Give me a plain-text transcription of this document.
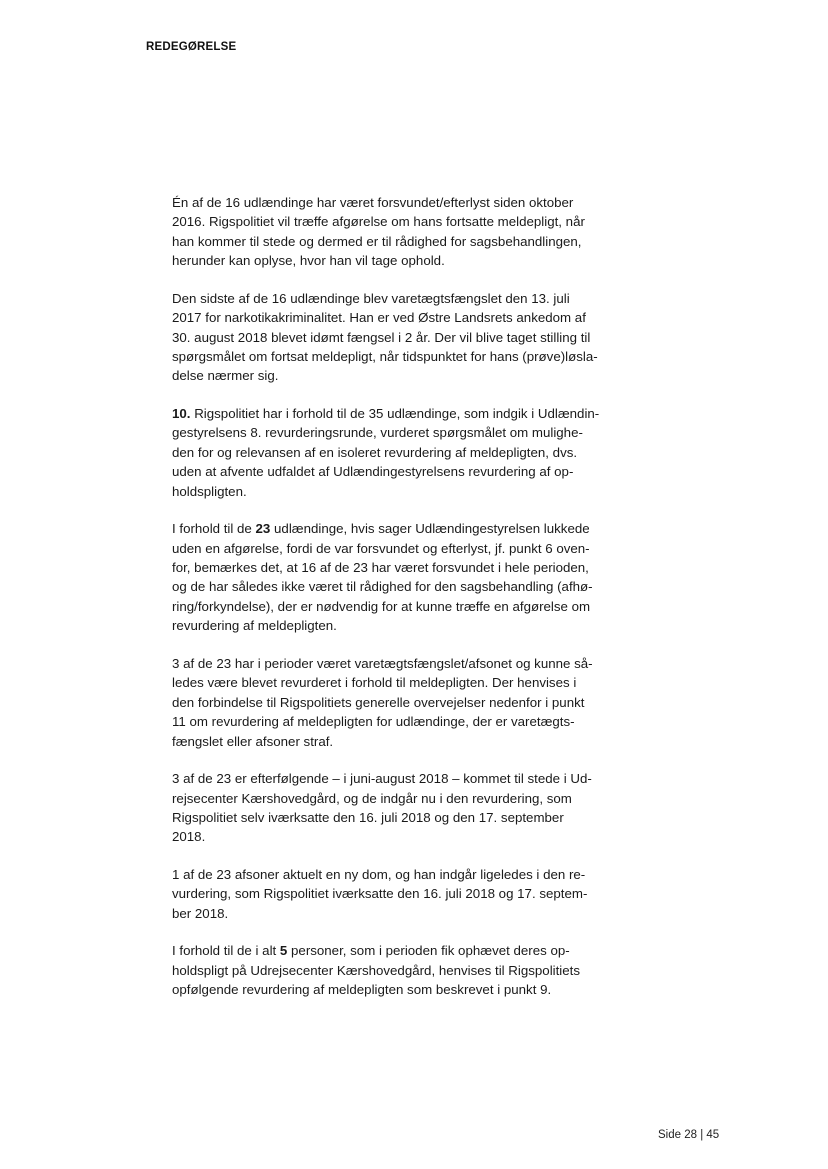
REDEGØRELSE

Én af de 16 udlændinge har været forsvundet/efterlyst siden oktober
2016. Rigspolitiet vil træffe afgørelse om hans fortsatte meldepligt, når
han kommer til stede og dermed er til rådighed for sagsbehandlingen,
herunder kan oplyse, hvor han vil tage ophold.

Den sidste af de 16 udlændinge blev varetægtsfængslet den 13. juli
2017 for narkotikakriminalitet. Han er ved Østre Landsrets ankedom af
30. august 2018 blevet idømt fængsel i 2 år. Der vil blive taget stilling til
spørgsmålet om fortsat meldepligt, når tidspunktet for hans (prøve)løsla-
delse nærmer sig.

10. Rigspolitiet har i forhold til de 35 udlændinge, som indgik i Udlændin-
gestyrelsens 8. revurderingsrunde, vurderet spørgsmålet om mulighe-
den for og relevansen af en isoleret revurdering af meldepligten, dvs.
uden at afvente udfaldet af Udlændingestyrelsens revurdering af op-
holdspligten.

I forhold til de 23 udlændinge, hvis sager Udlændingestyrelsen lukkede
uden en afgørelse, fordi de var forsvundet og efterlyst, jf. punkt 6 oven-
for, bemærkes det, at 16 af de 23 har været forsvundet i hele perioden,
og de har således ikke været til rådighed for den sagsbehandling (afhø-
ring/forkyndelse), der er nødvendig for at kunne træffe en afgørelse om
revurdering af meldepligten.

3 af de 23 har i perioder været varetægtsfængslet/afsonet og kunne så-
ledes være blevet revurderet i forhold til meldepligten. Der henvises i
den forbindelse til Rigspolitiets generelle overvejelser nedenfor i punkt
11 om revurdering af meldepligten for udlændinge, der er varetægts-
fængslet eller afsoner straf.

3 af de 23 er efterfølgende – i juni-august 2018 – kommet til stede i Ud-
rejsecenter Kærshovedgård, og de indgår nu i den revurdering, som
Rigspolitiet selv iværksatte den 16. juli 2018 og den 17. september
2018.

1 af de 23 afsoner aktuelt en ny dom, og han indgår ligeledes i den re-
vurdering, som Rigspolitiet iværksatte den 16. juli 2018 og 17. septem-
ber 2018.

I forhold til de i alt 5 personer, som i perioden fik ophævet deres op-
holdspligt på Udrejsecenter Kærshovedgård, henvises til Rigspolitiets
opfølgende revurdering af meldepligten som beskrevet i punkt 9.

Side 28 | 45
